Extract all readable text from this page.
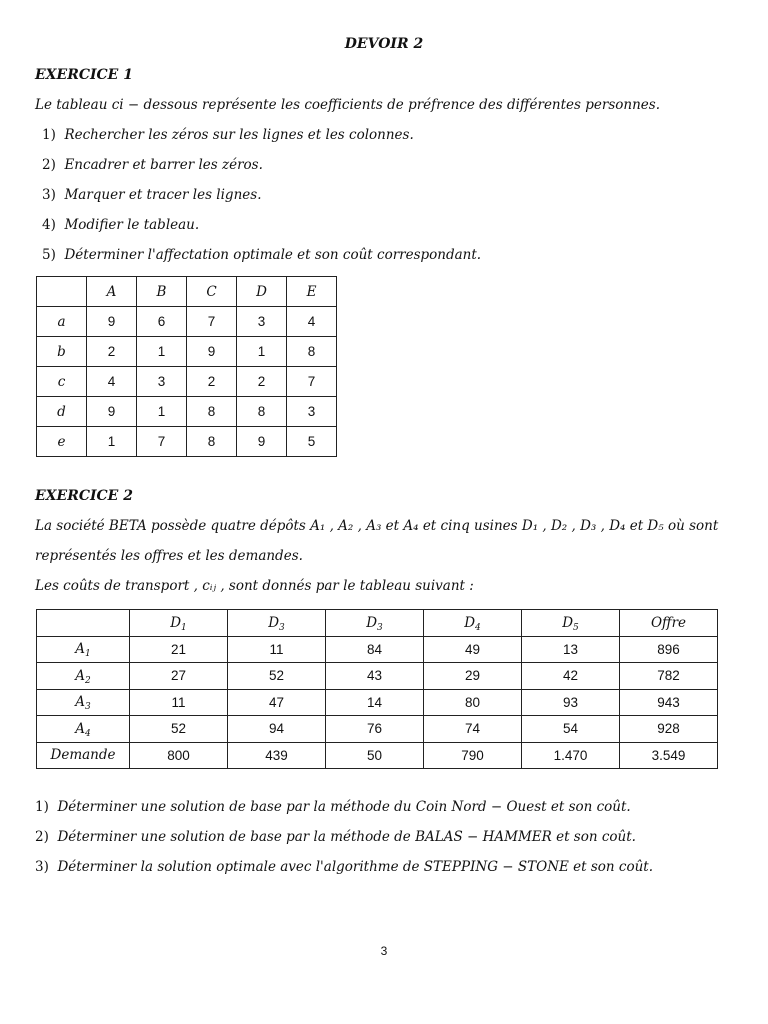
DEVOIR 2
EXERCICE 1
Le tableau ci − dessous représente les coefficients de préfrence des différentes personnes.
1) Rechercher les zéros sur les lignes et les colonnes.
2) Encadrer et barrer les zéros.
3) Marquer et tracer les lignes.
4) Modifier le tableau.
5) Déterminer l'affectation optimale et son coût correspondant.
	A	B	C	D	E
a	9	6	7	3	4
b	2	1	9	1	8
c	4	3	2	2	7
d	9	1	8	8	3
e	1	7	8	9	5
EXERCICE 2
La société BETA possède quatre dépôts A₁ , A₂ , A₃ et A₄ et cinq usines D₁ , D₂ , D₃ , D₄ et D₅ où sont
représentés les offres et les demandes.
Les coûts de transport , cᵢⱼ , sont donnés par le tableau suivant :
	$D_1$	$D_3$	$D_3$	$D_4$	$D_5$	Offre
$A_1$	21	11	84	49	13	896
$A_2$	27	52	43	29	42	782
$A_3$	11	47	14	80	93	943
$A_4$	52	94	76	74	54	928
Demande	800	439	50	790	1.470	3.549
1) Déterminer une solution de base par la méthode du Coin Nord − Ouest et son coût.
2) Déterminer une solution de base par la méthode de BALAS − HAMMER et son coût.
3) Déterminer la solution optimale avec l'algorithme de STEPPING − STONE et son coût.
3
